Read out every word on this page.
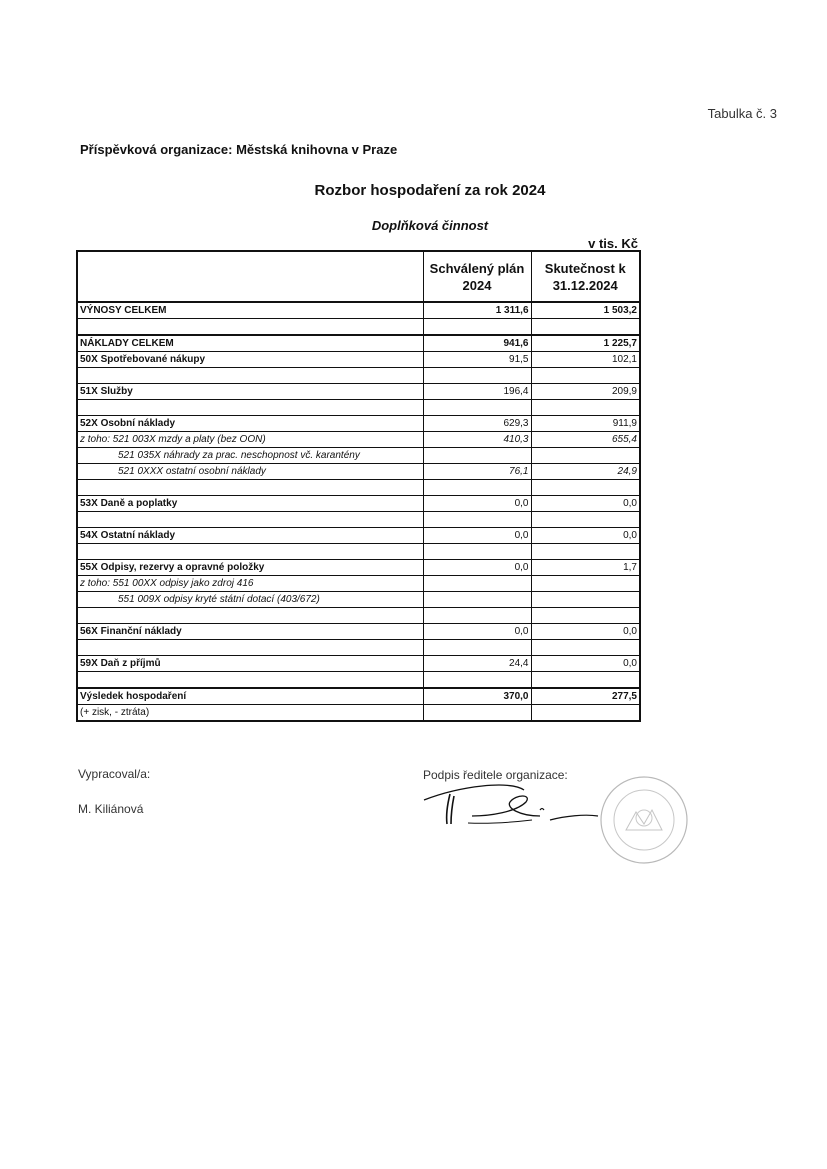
Tabulka č. 3
Příspěvková organizace: Městská knihovna v Praze
Rozbor hospodaření za rok 2024
Doplňková činnost
v tis. Kč
	Schválený plán 2024	Skutečnost k 31.12.2024
VÝNOSY CELKEM	1 311,6	1 503,2

NÁKLADY CELKEM	941,6	1 225,7
50X Spotřebované nákupy	91,5	102,1

51X Služby	196,4	209,9

52X Osobní náklady	629,3	911,9
z toho: 521 003X mzdy a platy (bez OON)	410,3	655,4
521 035X náhrady za prac. neschopnost vč. karantény		
521 0XXX ostatní osobní náklady	76,1	24,9

53X Daně a poplatky	0,0	0,0

54X Ostatní náklady	0,0	0,0

55X Odpisy, rezervy a opravné položky	0,0	1,7
z toho: 551 00XX odpisy jako zdroj 416		
551 009X odpisy kryté státní dotací (403/672)		

56X Finanční náklady	0,0	0,0

59X Daň z příjmů	24,4	0,0

Výsledek hospodaření	370,0	277,5
(+ zisk, - ztráta)		
Vypracoval/a:
M. Kiliánová
Podpis ředitele organizace:
